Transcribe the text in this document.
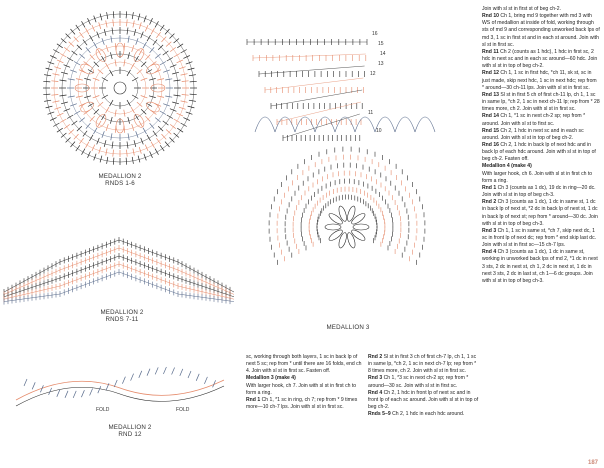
MEDALLION 2
RNDS 1-6
MEDALLION 2
RNDS 7-11
FOLD	FOLD
MEDALLION 2
RND 12
16
15
14
13
12
11
10
MEDALLION 3

sc, working through both layers, 1 sc in back lp of next 5 sc; rep from * until there are 16 folds, end ch 4. Join with sl st in first sc. Fasten off.

Medallion 3 (make 4)

With larger hook, ch 7. Join with sl st in first ch to form a ring.

Rnd 1 Ch 1, *1 sc in ring, ch 7; rep from * 9 times more—10 ch-7 lps. Join with sl st in first sc.

Rnd 2 Sl st in first 3 ch of first ch-7 lp, ch 1, 1 sc in same lp, *ch 2, 1 sc in next ch-7 lp; rep from * 8 times more, ch 2. Join with sl st in first sc.

Rnd 3 Ch 1, *3 sc in next ch-2 sp; rep from * around—30 sc. Join with sl st in first sc.

Rnd 4 Ch 2, 1 hdc in front lp of next sc and in front lp of each sc around. Join with sl st in top of beg ch-2.

Rnds 5–9 Ch 2, 1 hdc in each hdc around.

Join with sl st in first st of beg ch-2.

Rnd 10 Ch 1, bring md 9 together with md 3 with WS of medallion at inside of fold, working through sts of md 9 and corresponding unworked back lps of md 3, 1 sc in first st and in each st around. Join with sl st in first sc.

Rnd 11 Ch 2 (counts as 1 hdc), 1 hdc in first sc, 2 hdc in next sc and in each sc around—60 hdc. Join with sl st in top of beg ch-2.

Rnd 12 Ch 1, 1 sc in first hdc, *ch 11, sk st, sc in just made, skip next hdc, 1 sc in next hdc; rep from * around—30 ch-11 lps. Join with sl st in first sc.

Rnd 13 Sl st in first 5 ch of first ch-11 lp, ch 1, 1 sc in same lp, *ch 2, 1 sc in next ch-11 lp; rep from * 28 times more, ch 2. Join with sl st in first sc.

Rnd 14 Ch 1, *1 sc in next ch-2 sp; rep from * around. Join with sl st to first sc.

Rnd 15 Ch 2, 1 hdc in next sc and in each sc around. Join with sl st in top of beg ch-2.

Rnd 16 Ch 2, 1 hdc in back lp of next hdc and in back lp of each hdc around. Join with sl st in top of beg ch-2. Fasten off.

Medallion 4 (make 4)

With larger hook, ch 6. Join with sl st in first ch to form a ring.

Rnd 1 Ch 3 (counts as 1 dc), 19 dc in ring—20 dc. Join with sl st in top of beg ch-3.

Rnd 2 Ch 3 (counts as 1 dc), 1 dc in same st, 1 dc in back lp of next st, *2 dc in back lp of next st, 1 dc in back lp of next st; rep from * around—30 dc. Join with sl st in top of beg ch-3.

Rnd 3 Ch 1, 1 sc in same st, *ch 7, skip next dc, 1 sc in front lp of next dc; rep from * end skip last dc. Join with sl st in first sc—15 ch-7 lps.

Rnd 4 Ch 3 (counts as 1 dc), 1 dc in same st, working in unworked back lps of md 2, *1 dc in next 3 sts, 2 dc in next st, ch 1, 2 dc in next st, 1 dc in next 3 sts, 2 dc in last st, ch 1—6 dc groups. Join with sl st in top of beg ch-3.

187
